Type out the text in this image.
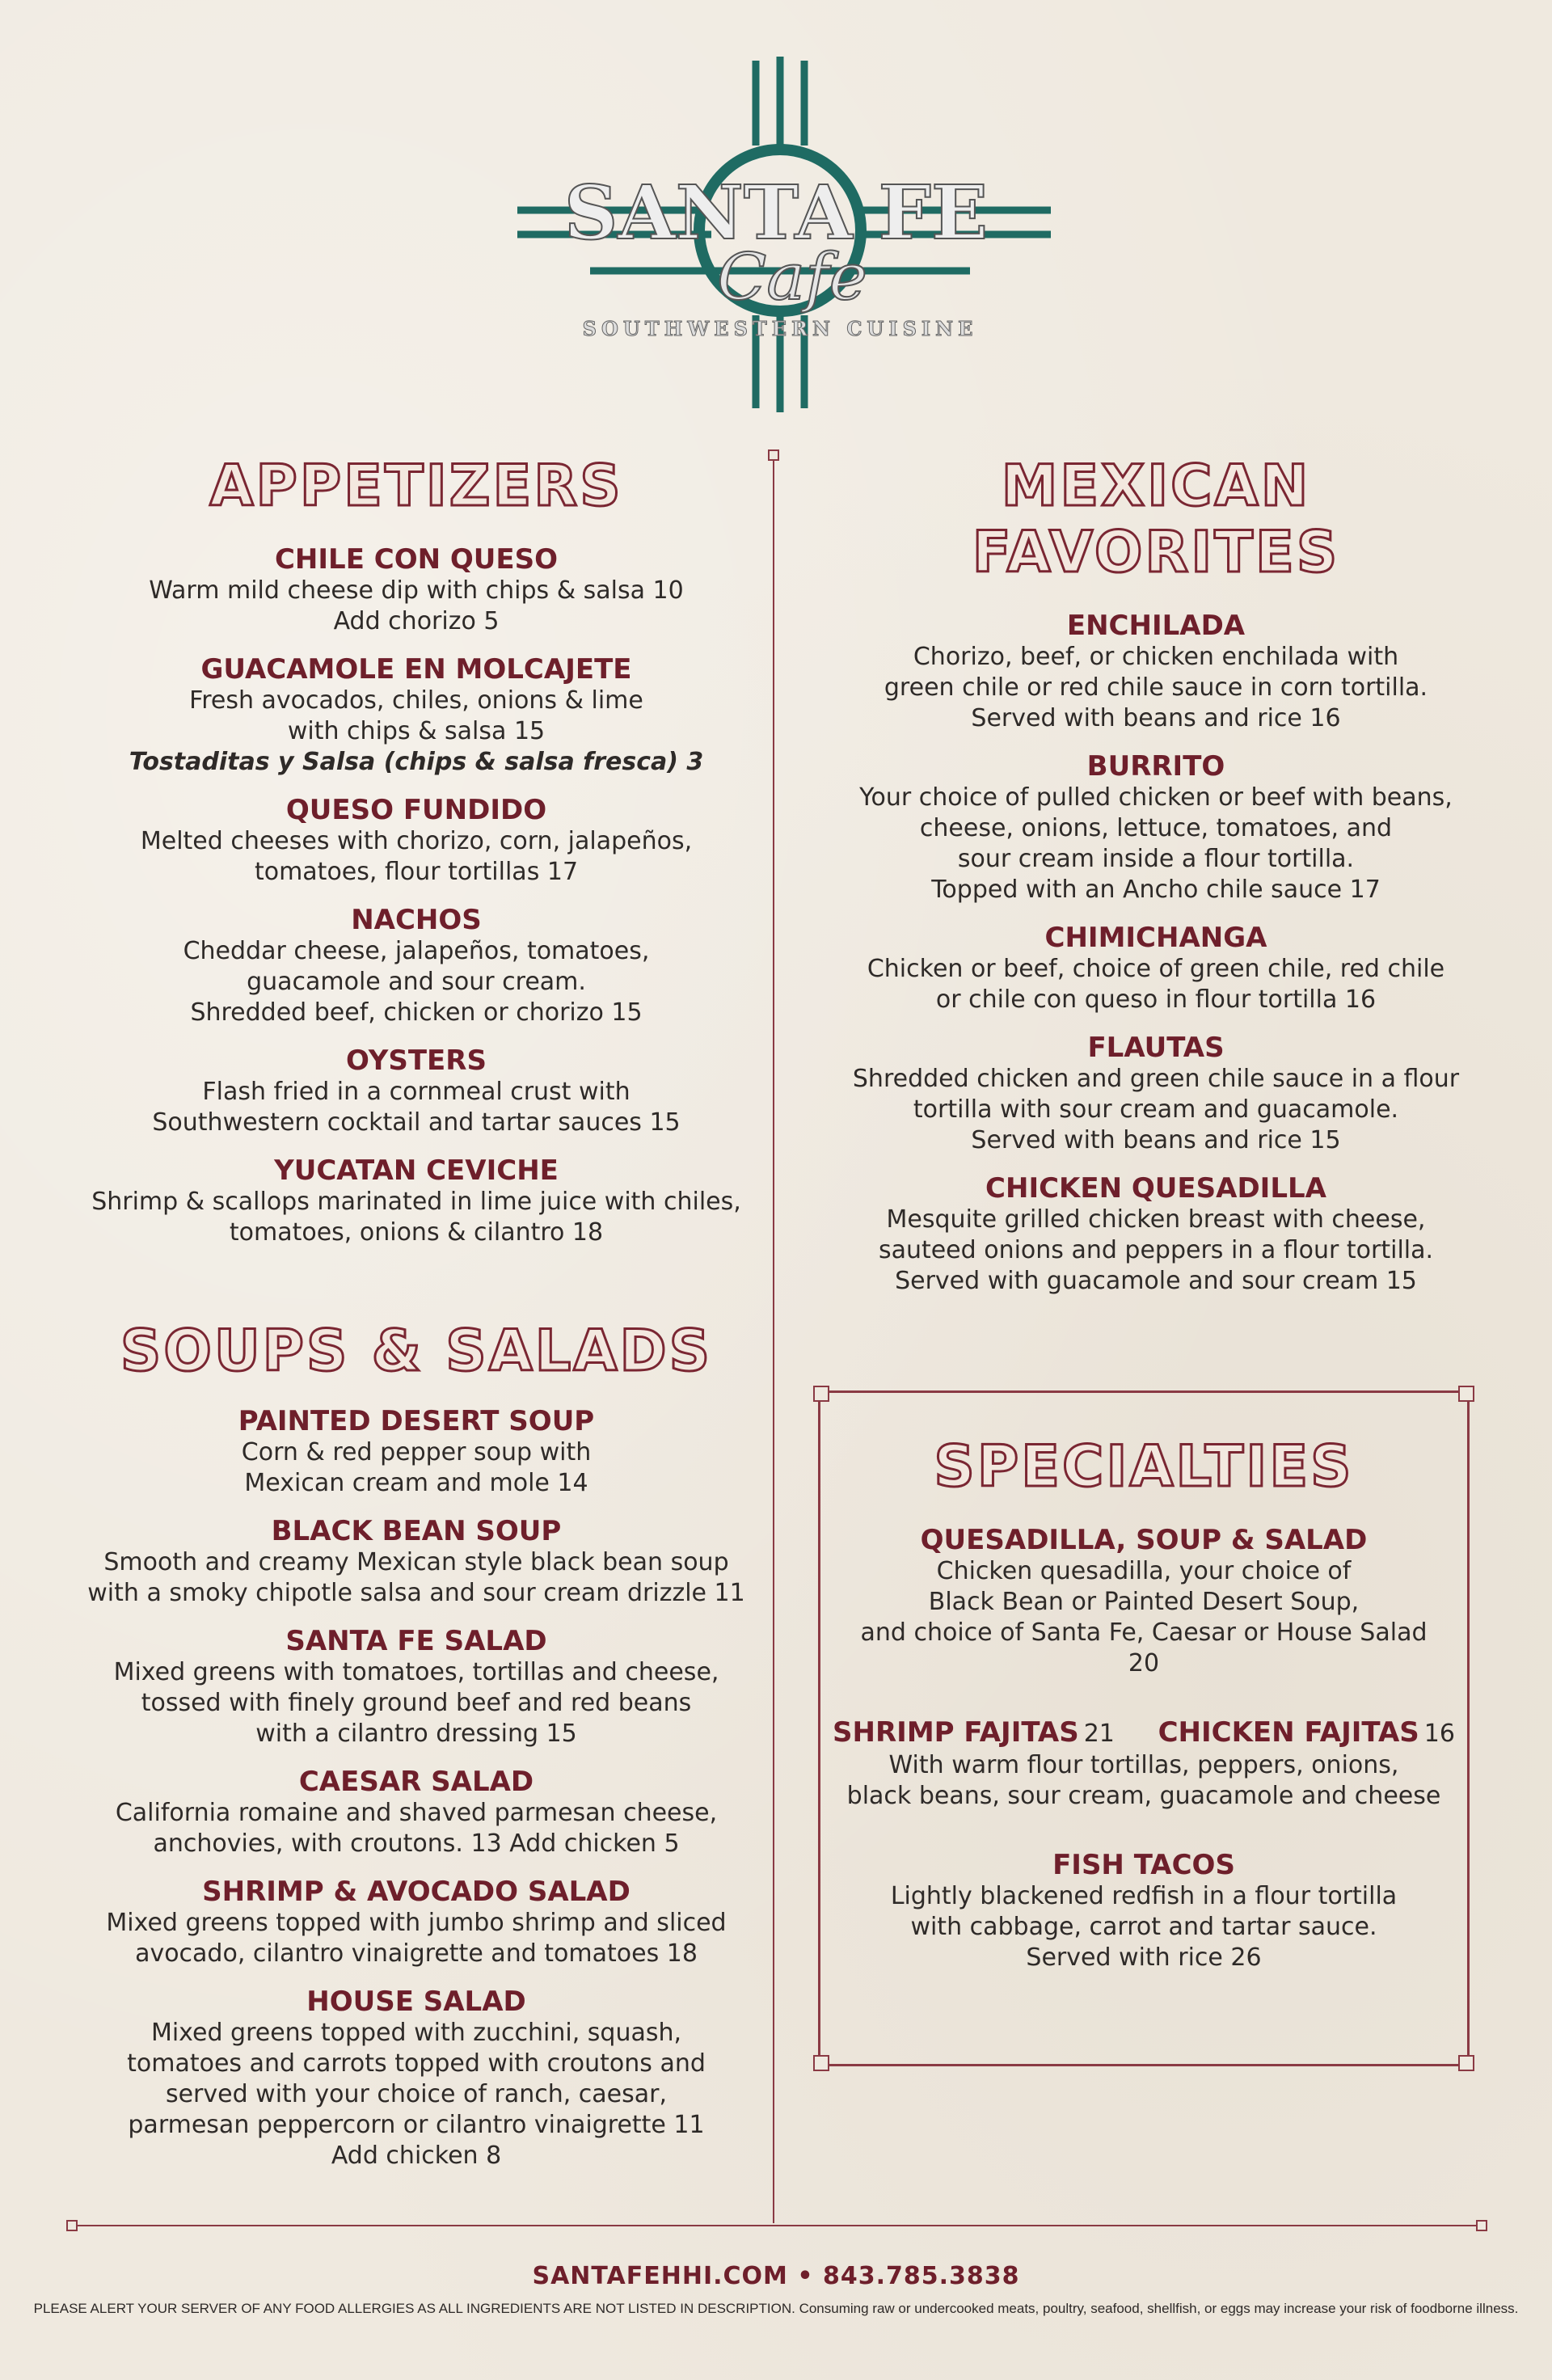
SANTA FE
Cafe
SOUTHWESTERN CUISINE
APPETIZERS
CHILE CON QUESO
Warm mild cheese dip with chips & salsa 10
Add chorizo 5
GUACAMOLE EN MOLCAJETE
Fresh avocados, chiles, onions & lime
with chips & salsa 15
Tostaditas y Salsa (chips & salsa fresca) 3
QUESO FUNDIDO
Melted cheeses with chorizo, corn, jalapeños,
tomatoes, flour tortillas 17
NACHOS
Cheddar cheese, jalapeños, tomatoes,
guacamole and sour cream.
Shredded beef, chicken or chorizo 15
OYSTERS
Flash fried in a cornmeal crust with
Southwestern cocktail and tartar sauces 15
YUCATAN CEVICHE
Shrimp & scallops marinated in lime juice with chiles,
tomatoes, onions & cilantro 18
SOUPS & SALADS
PAINTED DESERT SOUP
Corn & red pepper soup with
Mexican cream and mole 14
BLACK BEAN SOUP
Smooth and creamy Mexican style black bean soup
with a smoky chipotle salsa and sour cream drizzle 11
SANTA FE SALAD
Mixed greens with tomatoes, tortillas and cheese,
tossed with finely ground beef and red beans
with a cilantro dressing 15
CAESAR SALAD
California romaine and shaved parmesan cheese,
anchovies, with croutons. 13 Add chicken 5
SHRIMP & AVOCADO SALAD
Mixed greens topped with jumbo shrimp and sliced
avocado, cilantro vinaigrette and tomatoes 18
HOUSE SALAD
Mixed greens topped with zucchini, squash,
tomatoes and carrots topped with croutons and
served with your choice of ranch, caesar,
parmesan peppercorn or cilantro vinaigrette 11
Add chicken 8
MEXICAN FAVORITES
ENCHILADA
Chorizo, beef, or chicken enchilada with
green chile or red chile sauce in corn tortilla.
Served with beans and rice 16
BURRITO
Your choice of pulled chicken or beef with beans,
cheese, onions, lettuce, tomatoes, and
sour cream inside a flour tortilla.
Topped with an Ancho chile sauce 17
CHIMICHANGA
Chicken or beef, choice of green chile, red chile
or chile con queso in flour tortilla 16
FLAUTAS
Shredded chicken and green chile sauce in a flour
tortilla with sour cream and guacamole.
Served with beans and rice 15
CHICKEN QUESADILLA
Mesquite grilled chicken breast with cheese,
sauteed onions and peppers in a flour tortilla.
Served with guacamole and sour cream 15
SPECIALTIES
QUESADILLA, SOUP & SALAD
Chicken quesadilla, your choice of
Black Bean or Painted Desert Soup,
and choice of Santa Fe, Caesar or House Salad
20
SHRIMP FAJITAS 21 CHICKEN FAJITAS 16
With warm flour tortillas, peppers, onions,
black beans, sour cream, guacamole and cheese
FISH TACOS
Lightly blackened redfish in a flour tortilla
with cabbage, carrot and tartar sauce.
Served with rice 26
SANTAFEHHI.COM • 843.785.3838
PLEASE ALERT YOUR SERVER OF ANY FOOD ALLERGIES AS ALL INGREDIENTS ARE NOT LISTED IN DESCRIPTION. Consuming raw or undercooked meats, poultry, seafood, shellfish, or eggs may increase your risk of foodborne illness.
